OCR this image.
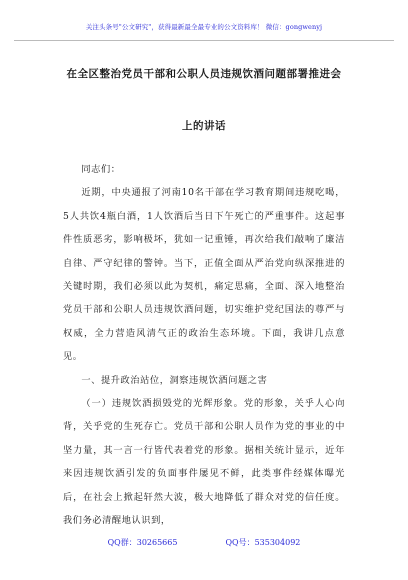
关注头条号"公文研究"，获得最新最全最专业的公文资料库！ 微信：gongwenyj
在全区整治党员干部和公职人员违规饮酒问题部署推进会
上的讲话

同志们：

近期，中央通报了河南10名干部在学习教育期间违规吃喝，5人共饮4瓶白酒，1人饮酒后当日下午死亡的严重事件。这起事件性质恶劣，影响极坏，犹如一记重锤，再次给我们敲响了廉洁自律、严守纪律的警钟。当下，正值全面从严治党向纵深推进的关键时期，我们必须以此为契机，痛定思痛，全面、深入地整治党员干部和公职人员违规饮酒问题，切实维护党纪国法的尊严与权威，全力营造风清气正的政治生态环境。下面，我讲几点意见。

一、提升政治站位，洞察违规饮酒问题之害

（一）违规饮酒损毁党的光辉形象。党的形象，关乎人心向背，关乎党的生死存亡。党员干部和公职人员作为党的事业的中坚力量，其一言一行皆代表着党的形象。据相关统计显示，近年来因违规饮酒引发的负面事件屡见不鲜，此类事件经媒体曝光后，在社会上掀起轩然大波，极大地降低了群众对党的信任度。我们务必清醒地认识到，

QQ群：30265665	QQ号：535304092
